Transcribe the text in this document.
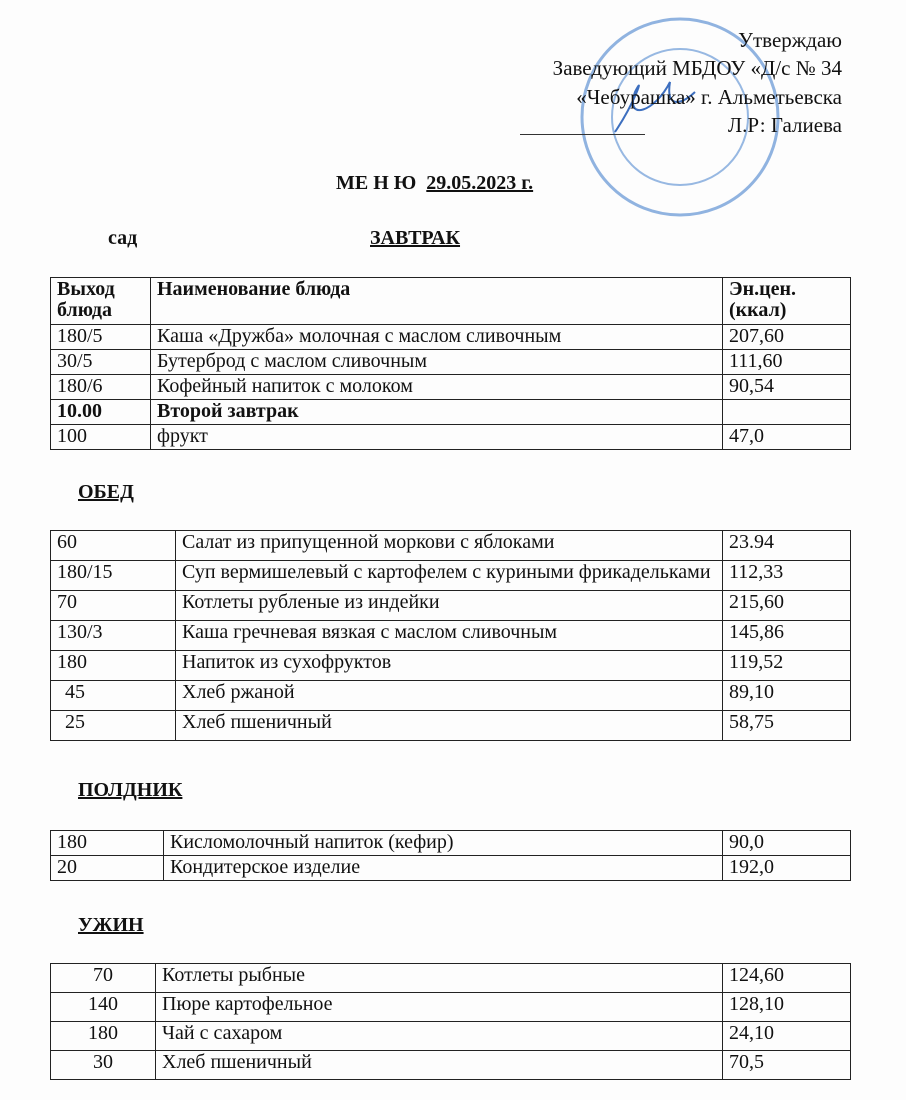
Утверждаю
Заведующий МБДОУ «Д/с № 34
«Чебурашка» г. Альметьевска
Л.Р: Галиева
МЕ Н Ю 29.05.2023 г.
сад	ЗАВТРАК
Выход блюда	Наименование блюда	Эн.цен. (ккал)
180/5	Каша «Дружба» молочная с маслом сливочным	207,60
30/5	Бутерброд с маслом сливочным	111,60
180/6	Кофейный напиток с молоком	90,54
10.00	Второй завтрак	
100	фрукт	47,0
ОБЕД
60	Салат из припущенной моркови с яблоками	23.94
180/15	Суп вермишелевый с картофелем с куриными фрикадельками	112,33
70	Котлеты рубленые из индейки	215,60
130/3	Каша гречневая вязкая с маслом сливочным	145,86
180	Напиток из сухофруктов	119,52
45	Хлеб ржаной	89,10
25	Хлеб пшеничный	58,75
ПОЛДНИК
180	Кисломолочный напиток (кефир)	90,0
20	Кондитерское изделие	192,0
УЖИН
70	Котлеты рыбные	124,60
140	Пюре картофельное	128,10
180	Чай с сахаром	24,10
30	Хлеб пшеничный	70,5
